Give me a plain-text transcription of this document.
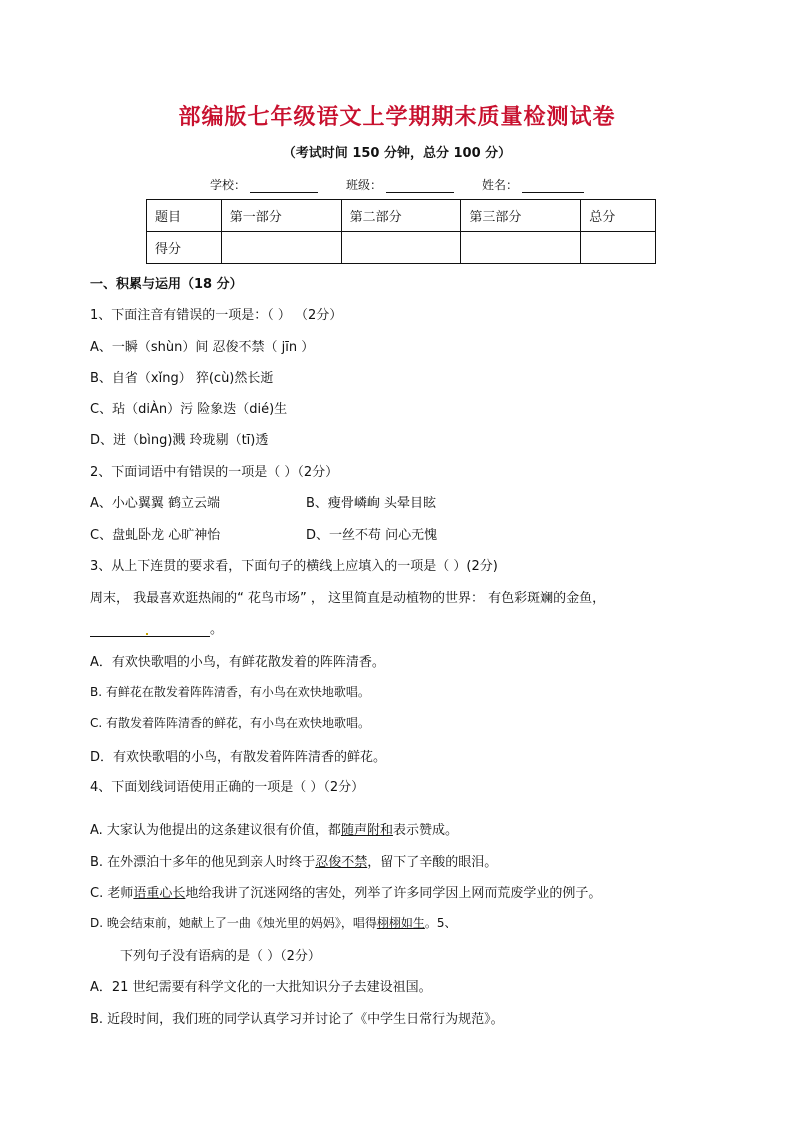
部编版七年级语文上学期期末质量检测试卷
（考试时间 150 分钟，总分 100 分）
学校：	班级：	姓名：
题目	第一部分	第二部分	第三部分	总分
得分				
一、积累与运用（18 分）
1、下面注音有错误的一项是：（ ） （2分）
A、一瞬（shùn）间 忍俊不禁（ jīn ）
B、自省（xǐng） 猝(cù)然长逝
C、玷（diÀn）污 险象迭（dié)生
D、迸（bìng)溅 玲珑剔（tī)透
2、下面词语中有错误的一项是（ ）（2分）
A、小心翼翼 鹤立云端	B、瘦骨嶙峋 头晕目眩
C、盘虬卧龙 心旷神怡	D、一丝不苟 问心无愧
3、从上下连贯的要求看，下面句子的横线上应填入的一项是（ ）(2分)
周末， 我最喜欢逛热闹的“ 花鸟市场” ， 这里简直是动植物的世界： 有色彩斑斓的金鱼，
。
A．有欢快歌唱的小鸟，有鲜花散发着的阵阵清香。
B. 有鲜花在散发着阵阵清香，有小鸟在欢快地歌唱。
C. 有散发着阵阵清香的鲜花，有小鸟在欢快地歌唱。
D．有欢快歌唱的小鸟，有散发着阵阵清香的鲜花。
4、下面划线词语使用正确的一项是（ ）（2分）
A. 大家认为他提出的这条建议很有价值，都随声附和表示赞成。
B. 在外漂泊十多年的他见到亲人时终于忍俊不禁，留下了辛酸的眼泪。
C. 老师语重心长地给我讲了沉迷网络的害处，列举了许多同学因上网而荒废学业的例子。
D. 晚会结束前，她献上了一曲《烛光里的妈妈》，唱得栩栩如生。5、
下列句子没有语病的是（ ）（2分）
A．21 世纪需要有科学文化的一大批知识分子去建设祖国。
B. 近段时间，我们班的同学认真学习并讨论了《中学生日常行为规范》。
